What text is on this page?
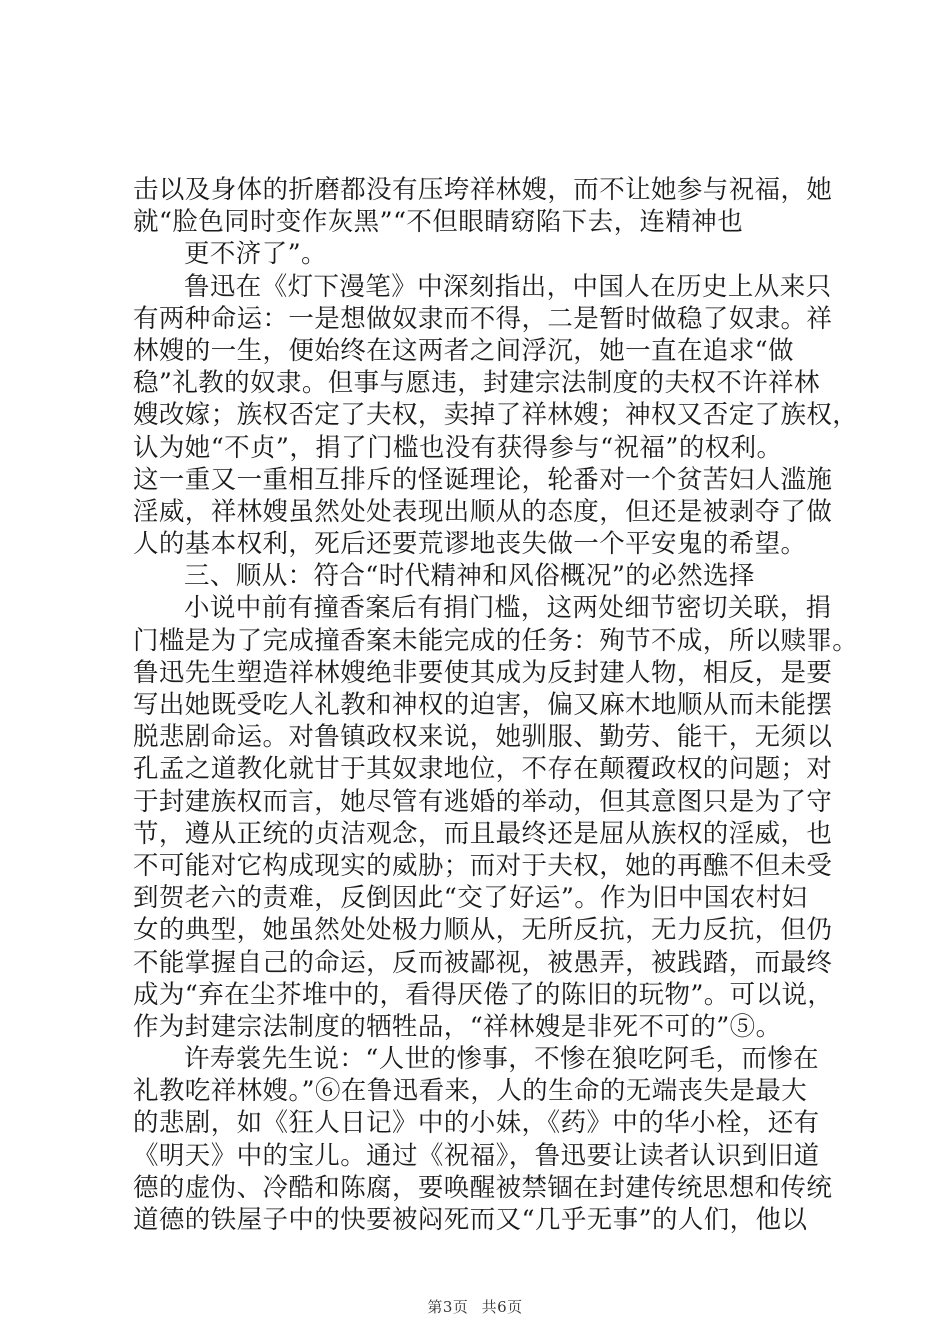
击以及身体的折磨都没有压垮祥林嫂，而不让她参与祝福，她
就“脸色同时变作灰黑”“不但眼睛窈陷下去，连精神也
更不济了”。
鲁迅在《灯下漫笔》中深刻指出，中国人在历史上从来只
有两种命运：一是想做奴隶而不得，二是暂时做稳了奴隶。祥
林嫂的一生，便始终在这两者之间浮沉，她一直在追求“做
稳”礼教的奴隶。但事与愿违，封建宗法制度的夫权不许祥林
嫂改嫁；族权否定了夫权，卖掉了祥林嫂；神权又否定了族权，
认为她“不贞”，捐了门槛也没有获得参与“祝福”的权利。
这一重又一重相互排斥的怪诞理论，轮番对一个贫苦妇人滥施
淫威，祥林嫂虽然处处表现出顺从的态度，但还是被剥夺了做
人的基本权利，死后还要荒谬地丧失做一个平安鬼的希望。
三、顺从：符合“时代精神和风俗概况”的必然选择
小说中前有撞香案后有捐门槛，这两处细节密切关联，捐
门槛是为了完成撞香案未能完成的任务：殉节不成，所以赎罪。
鲁迅先生塑造祥林嫂绝非要使其成为反封建人物，相反，是要
写出她既受吃人礼教和神权的迫害，偏又麻木地顺从而未能摆
脱悲剧命运。对鲁镇政权来说，她驯服、勤劳、能干，无须以
孔孟之道教化就甘于其奴隶地位，不存在颠覆政权的问题；对
于封建族权而言，她尽管有逃婚的举动，但其意图只是为了守
节，遵从正统的贞洁观念，而且最终还是屈从族权的淫威，也
不可能对它构成现实的威胁；而对于夫权，她的再醮不但未受
到贺老六的责难，反倒因此“交了好运”。作为旧中国农村妇
女的典型，她虽然处处极力顺从，无所反抗，无力反抗，但仍
不能掌握自己的命运，反而被鄙视，被愚弄，被践踏，而最终
成为“弃在尘芥堆中的，看得厌倦了的陈旧的玩物”。可以说，
作为封建宗法制度的牺牲品，“祥林嫂是非死不可的”⑤。
许寿裳先生说：“人世的惨事，不惨在狼吃阿毛，而惨在
礼教吃祥林嫂。”⑥在鲁迅看来，人的生命的无端丧失是最大
的悲剧，如《狂人日记》中的小妹，《药》中的华小栓，还有
《明天》中的宝儿。通过《祝福》，鲁迅要让读者认识到旧道
德的虚伪、冷酷和陈腐，要唤醒被禁锢在封建传统思想和传统
道德的铁屋子中的快要被闷死而又“几乎无事”的人们，他以
第3页 共6页
